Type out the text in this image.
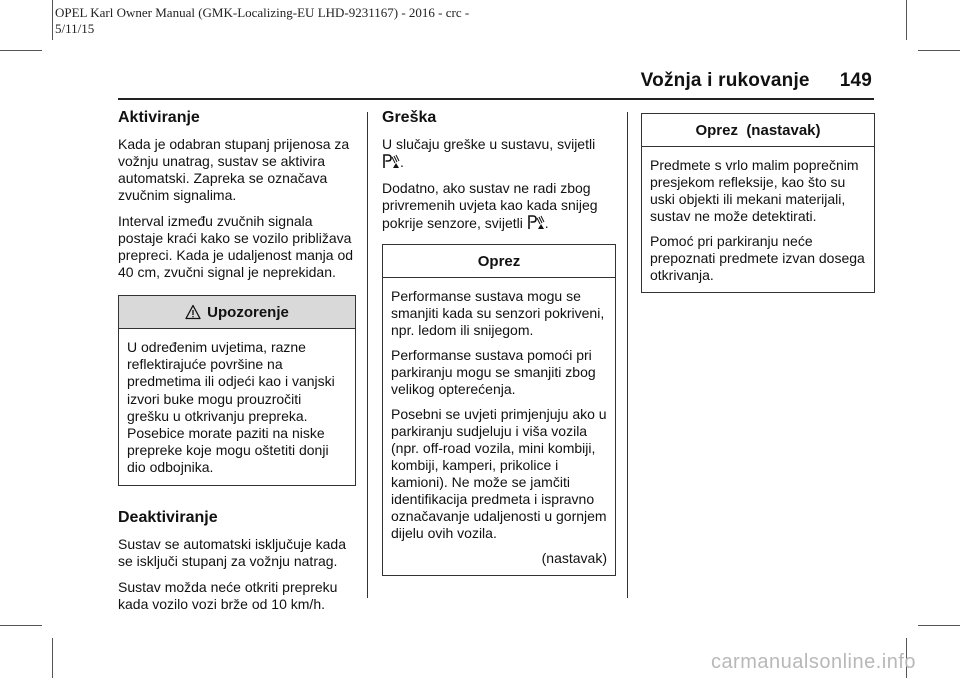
OPEL Karl Owner Manual (GMK-Localizing-EU LHD-9231167) - 2016 - crc -
5/11/15
Vožnja i rukovanje 149
Aktiviranje

Kada je odabran stupanj prijenosa za vožnju unatrag, sustav se aktivira automatski. Zapreka se označava zvučnim signalima.

Interval između zvučnih signala postaje kraći kako se vozilo približava prepreci. Kada je udaljenost manja od 40 cm, zvučni signal je neprekidan.

Upozorenje

U određenim uvjetima, razne reflektirajuće površine na predmetima ili odjeći kao i vanjski izvori buke mogu prouzročiti grešku u otkrivanju prepreka. Posebice morate paziti na niske prepreke koje mogu oštetiti donji dio odbojnika.

Deaktiviranje

Sustav se automatski isključuje kada se isključi stupanj za vožnju natrag.

Sustav možda neće otkriti prepreku kada vozilo vozi brže od 10 km/h.

Greška

U slučaju greške u sustavu, svijetli .

Dodatno, ako sustav ne radi zbog privremenih uvjeta kao kada snijeg pokrije senzore, svijetli .

Oprez

Performanse sustava mogu se smanjiti kada su senzori pokriveni, npr. ledom ili snijegom.

Performanse sustava pomoći pri parkiranju mogu se smanjiti zbog velikog opterećenja.

Posebni se uvjeti primjenjuju ako u parkiranju sudjeluju i viša vozila (npr. off-road vozila, mini kombiji, kombiji, kamperi, prikolice i kamioni). Ne može se jamčiti identifikacija predmeta i ispravno označavanje udaljenosti u gornjem dijelu ovih vozila.

(nastavak)

Oprez  (nastavak)

Predmete s vrlo malim poprečnim presjekom refleksije, kao što su uski objekti ili mekani materijali, sustav ne može detektirati.

Pomoć pri parkiranju neće prepoznati predmete izvan dosega otkrivanja.

carmanualsonline.info
